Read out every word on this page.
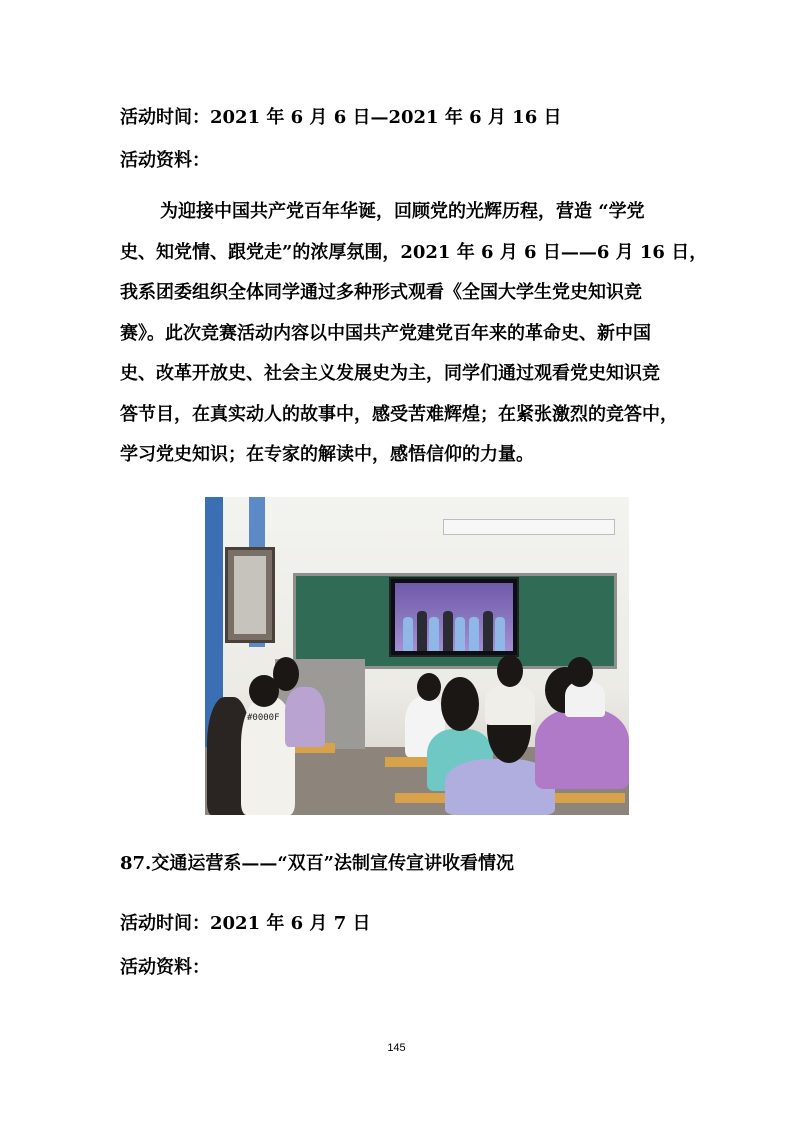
活动时间：2021 年 6 月 6 日—2021 年 6 月 16 日
活动资料：
为迎接中国共产党百年华诞，回顾党的光辉历程，营造 “学党
史、知党情、跟党走”的浓厚氛围，2021 年 6 月 6 日——6 月 16 日，
我系团委组织全体同学通过多种形式观看《全国大学生党史知识竞
赛》。此次竞赛活动内容以中国共产党建党百年来的革命史、新中国
史、改革开放史、社会主义发展史为主，同学们通过观看党史知识竞
答节目，在真实动人的故事中，感受苦难辉煌；在紧张激烈的竞答中，
学习党史知识；在专家的解读中，感悟信仰的力量。
#0000F
87.交通运营系——“双百”法制宣传宣讲收看情况
活动时间：2021 年 6 月 7 日
活动资料：
145
